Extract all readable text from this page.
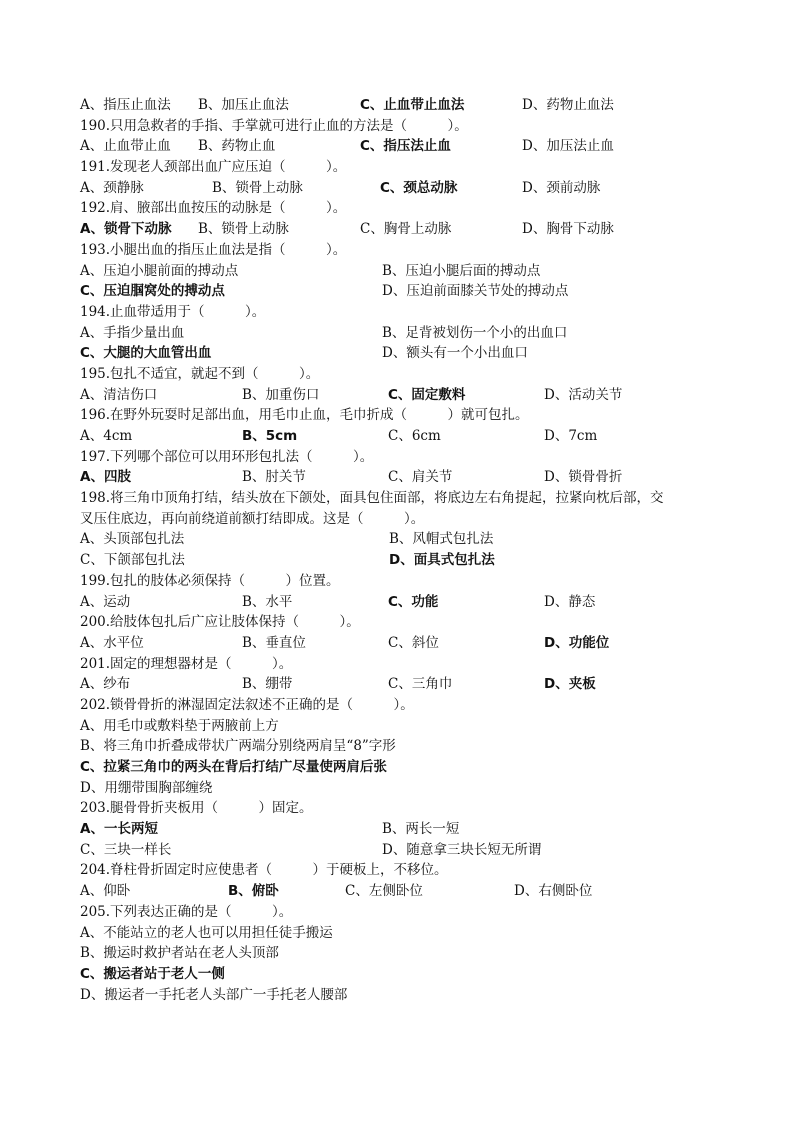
A、指压止血法 B、加压止血法	C、止血带止血法	D、药物止血法
190.只用急救者的手指、手掌就可进行止血的方法是（　　　）。
A、止血带止血 B、药物止血	C、指压法止血	D、加压法止血
191.发现老人颈部出血广应压迫（　　　）。
A、颈静脉	B、锁骨上动脉	C、颈总动脉	D、颈前动脉
192.肩、腋部出血按压的动脉是（　　　）。
A、锁骨下动脉 B、锁骨上动脉	C、胸骨上动脉	D、胸骨下动脉
193.小腿出血的指压止血法是指（　　　）。
A、压迫小腿前面的搏动点	B、压迫小腿后面的搏动点
C、压迫腘窝处的搏动点	D、压迫前面膝关节处的搏动点
194.止血带适用于（　　　）。
A、手指少量出血	B、足背被划伤一个小的出血口
C、大腿的大血管出血	D、额头有一个小出血口
195.包扎不适宜，就起不到（　　　）。
A、清洁伤口	B、加重伤口	C、固定敷料	D、活动关节
196.在野外玩耍时足部出血，用毛巾止血，毛巾折成（　　　）就可包扎。
A、4cm	B、5cm	C、6cm	D、7cm
197.下列哪个部位可以用环形包扎法（　　　）。
A、四肢	B、肘关节	C、肩关节	D、锁骨骨折
198.将三角巾顶角打结，结头放在下颌处，面具包住面部，将底边左右角提起，拉紧向枕后部，交
叉压住底边，再向前绕道前额打结即成。这是（　　　）。
A、头顶部包扎法	B、风帽式包扎法
C、下颌部包扎法	D、面具式包扎法
199.包扎的肢体必须保持（　　　）位置。
A、运动	B、水平	C、功能	D、静态
200.给肢体包扎后广应让肢体保持（　　　）。
A、水平位	B、垂直位	C、斜位	D、功能位
201.固定的理想器材是（　　　）。
A、纱布	B、绷带	C、三角巾	D、夹板
202.锁骨骨折的淋湿固定法叙述不正确的是（　　　）。
A、用毛巾或敷料垫于两腋前上方
B、将三角巾折叠成带状广两端分别绕两肩呈“8”字形
C、拉紧三角巾的两头在背后打结广尽量使两肩后张
D、用绷带围胸部缠绕
203.腿骨骨折夹板用（　　　）固定。
A、一长两短	B、两长一短
C、三块一样长	D、随意拿三块长短无所谓
204.脊柱骨折固定时应使患者（　　　）于硬板上，不移位。
A、仰卧	B、俯卧	C、左侧卧位	D、右侧卧位
205.下列表达正确的是（　　　）。
A、不能站立的老人也可以用担任徒手搬运
B、搬运时救护者站在老人头顶部
C、搬运者站于老人一侧
D、搬运者一手托老人头部广一手托老人腰部
